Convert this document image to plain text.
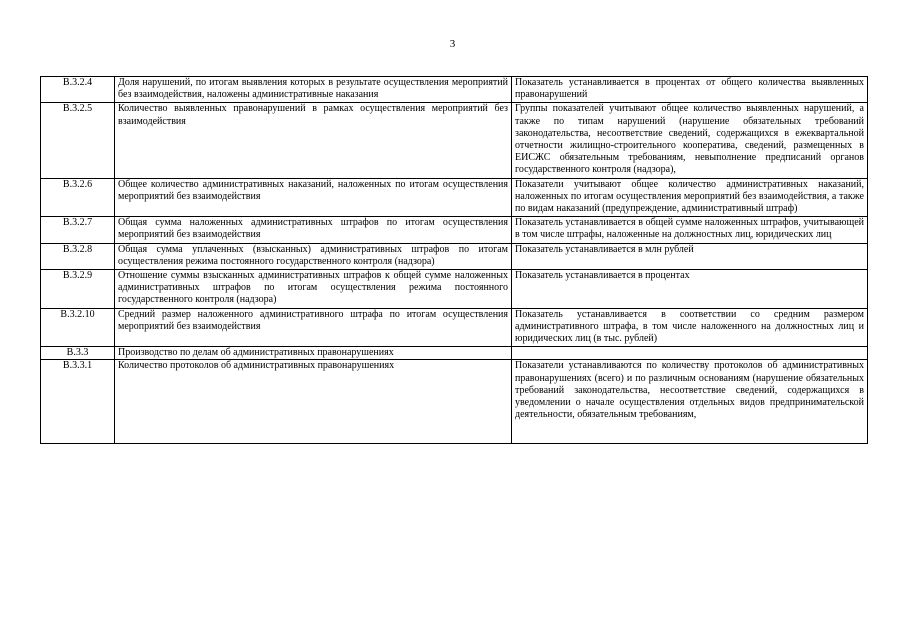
3
В.3.2.4	Доля нарушений, по итогам выявления которых в результате осуществления мероприятий без взаимодействия, наложены административные наказания	Показатель устанавливается в процентах от общего количества выявленных правонарушений
В.3.2.5	Количество выявленных правонарушений в рамках осуществления мероприятий без взаимодействия	Группы показателей учитывают общее количество выявленных нарушений, а также по типам нарушений (нарушение обязательных требований законодательства, несоответствие сведений, содержащихся в ежеквартальной отчетности жилищно-строительного кооператива, сведений, размещенных в ЕИСЖС обязательным требованиям, невыполнение предписаний органов государственного контроля (надзора),
В.3.2.6	Общее количество административных наказаний, наложенных по итогам осуществления мероприятий без взаимодействия	Показатели учитывают общее количество административных наказаний, наложенных по итогам осуществления мероприятий без взаимодействия, а также по видам наказаний (предупреждение, административный штраф)
В.3.2.7	Общая сумма наложенных административных штрафов по итогам осуществления мероприятий без взаимодействия	Показатель устанавливается в общей сумме наложенных штрафов, учитывающей в том числе штрафы, наложенные на должностных лиц, юридических лиц
В.3.2.8	Общая сумма уплаченных (взысканных) административных штрафов по итогам осуществления режима постоянного государственного контроля (надзора)	Показатель устанавливается в млн рублей
В.3.2.9	Отношение суммы взысканных административных штрафов к общей сумме наложенных административных штрафов по итогам осуществления режима постоянного государственного контроля (надзора)	Показатель устанавливается в процентах
В.3.2.10	Средний размер наложенного административного штрафа по итогам осуществления мероприятий без взаимодействия	Показатель устанавливается в соответствии со средним размером административного штрафа, в том числе наложенного на должностных лиц и юридических лиц (в тыс. рублей)
В.3.3	Производство по делам об административных правонарушениях	
В.3.3.1	Количество протоколов об административных правонарушениях	Показатели устанавливаются по количеству протоколов об административных правонарушениях (всего) и по различным основаниям (нарушение обязательных требований законодательства, несоответствие сведений, содержащихся в уведомлении о начале осуществления отдельных видов предпринимательской деятельности, обязательным требованиям,
